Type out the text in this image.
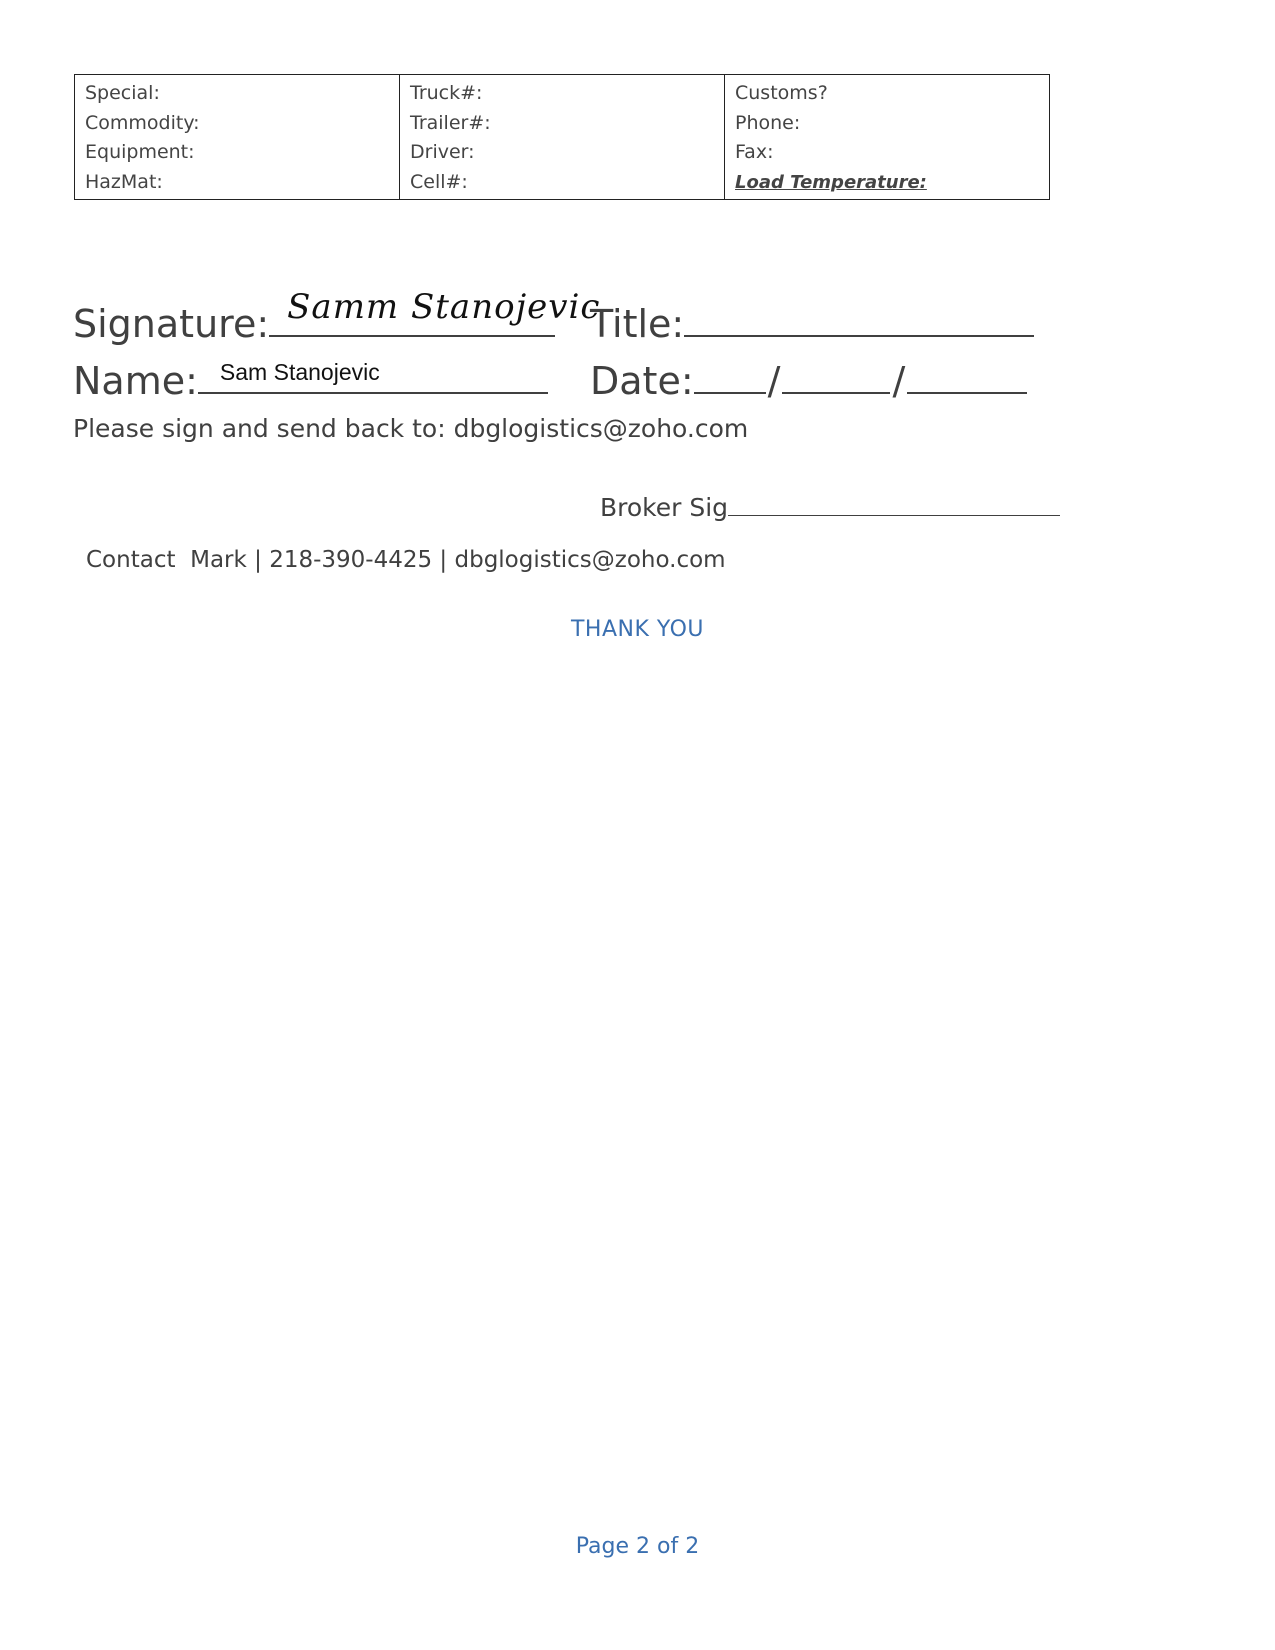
Special:
Commodity:
Equipment:
HazMat:

Truck#:
Trailer#:
Driver:
Cell#:

Customs?
Phone:
Fax:
Load Temperature:
Signature: Samm Stanojevic
Title:
Name: Sam Stanojevic	Date: /	/
Please sign and send back to: dbglogistics@zoho.com
Broker Sig
Contact  Mark | 218-390-4425 | dbglogistics@zoho.com
THANK YOU
Page 2 of 2
